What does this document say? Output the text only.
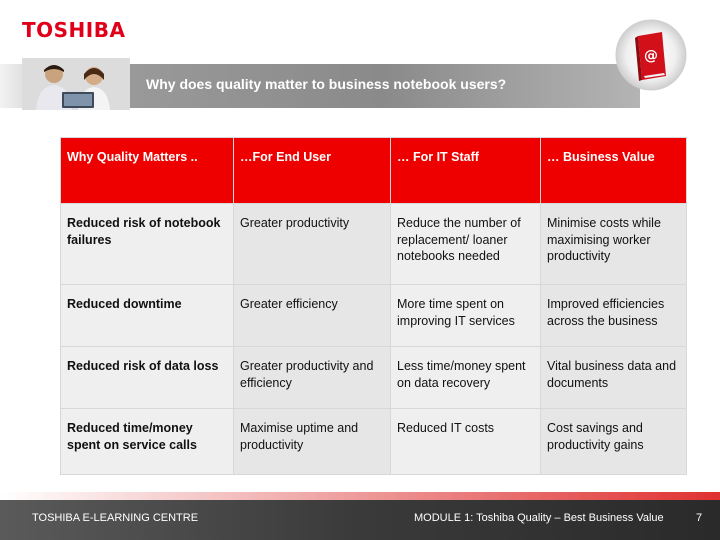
TOSHIBA
Why does quality matter to business notebook users?
@
Why Quality Matters ..	…For End User	… For IT Staff	… Business Value
Reduced risk of notebook failures	Greater productivity	Reduce the number of replacement/ loaner notebooks needed	Minimise costs while maximising worker productivity
Reduced downtime	Greater efficiency	More time spent on improving IT services	Improved efficiencies across the business
Reduced risk of data loss	Greater productivity and efficiency	Less time/money spent on data recovery	Vital business data and documents
Reduced time/money spent on service calls	Maximise uptime and productivity	Reduced IT costs	Cost savings and productivity gains
TOSHIBA E-LEARNING CENTRE	MODULE 1: Toshiba Quality – Best Business Value	7
